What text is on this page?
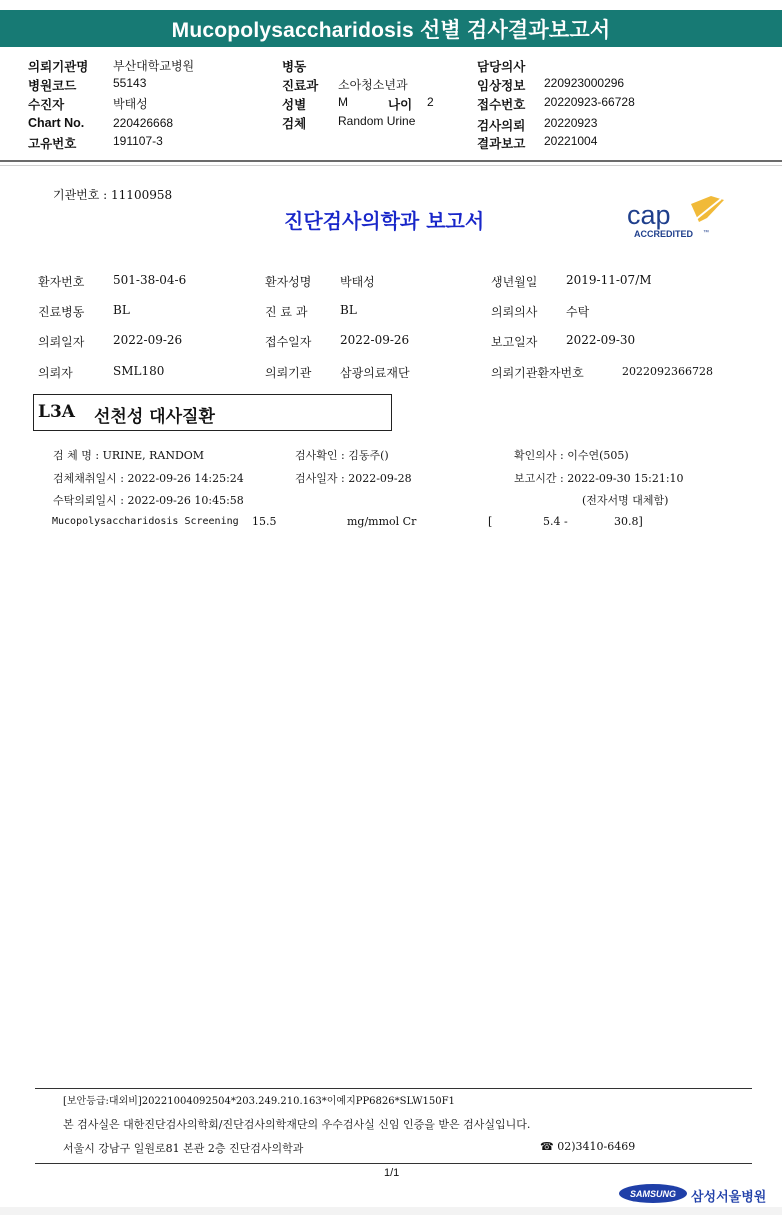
Mucopolysaccharidosis 선별 검사결과보고서
의뢰기관명 부산대학교병원	병동	담당의사
병원코드	55143	진료과 소아청소년과	임상정보 220923000296
수진자	박태성	성별	M	나이 2	접수번호 20220923-66728
Chart No. 220426668	검체	Random Urine	검사의뢰 20220923
고유번호	191107-3	결과보고 20221004
기관번호 : 11100958
진단검사의학과 보고서	cap
ACCREDITED ™
환자번호 501-38-04-6	환자성명 박태성	생년월일 2019-11-07/M
진료병동 BL	진 료 과	BL	의뢰의사 수탁
의뢰일자 2022-09-26	접수일자 2022-09-26	보고일자 2022-09-30
의뢰자	SML180	의뢰기관 삼광의료재단	의뢰기관환자번호	2022092366728
L3A 선천성 대사질환
검 체 명 : URINE, RANDOM	검사확인 : 김동주()	확인의사 : 이수연(505)
검체채취일시 : 2022-09-26 14:25:24	검사일자 : 2022-09-28	보고시간 : 2022-09-30 15:21:10
수탁의뢰일시 : 2022-09-26 10:45:58	(전자서명 대체함)
Mucopolysaccharidosis Screening 15.5	mg/mmol Cr	[	5.4 -	30.8]
[보안등급:대외비]20221004092504*203.249.210.163*이예지PP6826*SLW150F1
본 검사실은 대한진단검사의학회/진단검사의학재단의 우수검사실 신임 인증을 받은 검사실입니다.
서울시 강남구 일원로81 본관 2층 진단검사의학과	☎ 02)3410-6469
1/1
SAMSUNG 삼성서울병원
